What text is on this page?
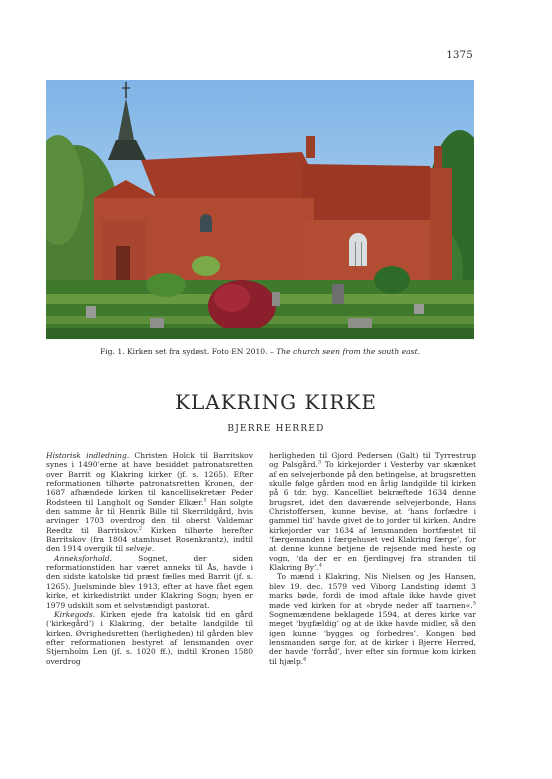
1375
Fig. 1. Kirken set fra sydøst. Foto EN 2010. – The church seen from the south east.
KLAKRING KIRKE
BJERRE HERRED

Historisk indledning. Christen Holck til Barritskov synes i 1490’erne at have besiddet patronatsretten over Barrit og Klakring kirker (jf. s. 1265). Efter reformationen tilhørte patronatsretten Kronen, der 1687 afhændede kirken til kancellisekretær Peder Rodsteen til Langholt og Sønder Elkær.$^1$ Han solgte den samme år til Henrik Bille til Skerrildgård, hvis arvinger 1703 overdrog den til oberst Valdemar Reedtz til Barritskov.$^2$ Kirken tilhørte herefter Barritskov (fra 1804 stamhuset Rosenkrantz), indtil den 1914 overgik til selveje.

Anneksforhold. Sognet, der siden reformationstiden har været anneks til Ås, havde i den sidste katolske tid præst fælles med Barrit (jf. s. 1265). Juelsminde blev 1913, efter at have fået egen kirke, et kirkedistrikt under Klakring Sogn; byen er 1979 udskilt som et selvstændigt pastorat.

Kirkegods. Kirken ejede fra katolsk tid en gård (‘kirkegård’) i Klakring, der betalte landgilde til kirken. Øvrighedsretten (herligheden) til gården blev efter reformationen bestyret af lensmanden over Stjernholm Len (jf. s. 1020 ff.), indtil Kronen 1580 overdrog

herligheden til Gjord Pedersen (Galt) til Tyrrestrup og Palsgård.$^3$ To kirkejorder i Vesterby var skænket af en selvejerbonde på den betingelse, at brugsretten skulle følge gården mod en årlig landgilde til kirken på 6 tdr. byg. Kancelliet bekræftede 1634 denne brugsret, idet den daværende selvejerbonde, Hans Christoffersen, kunne bevise, at ‘hans forfædre i gammel tid’ havde givet de to jorder til kirken. Andre kirkejorder var 1634 af lensmanden bortfæstet til ‘færgemanden i færgehuset ved Klakring færge’, for at denne kunne betjene de rejsende med heste og vogn, ‘da der er en fjerdingvej fra stranden til Klakring By’.$^4$

To mænd i Klakring, Nis Nielsen og Jes Hansen, blev 19. dec. 1579 ved Viborg Landsting idømt 3 marks bøde, fordi de imod aftale ikke havde givet møde ved kirken for at »bryde neder aff taarnen«.$^5$ Sognemændene beklagede 1594, at deres kirke var meget ‘bygfældig’ og at de ikke havde midler, så den igen kunne ‘bygges og forbedres’. Kongen bød lensmanden sørge for, at de kirker i Bjerre Herred, der havde ‘forråd’, hver efter sin formue kom kirken til hjælp.$^6$
